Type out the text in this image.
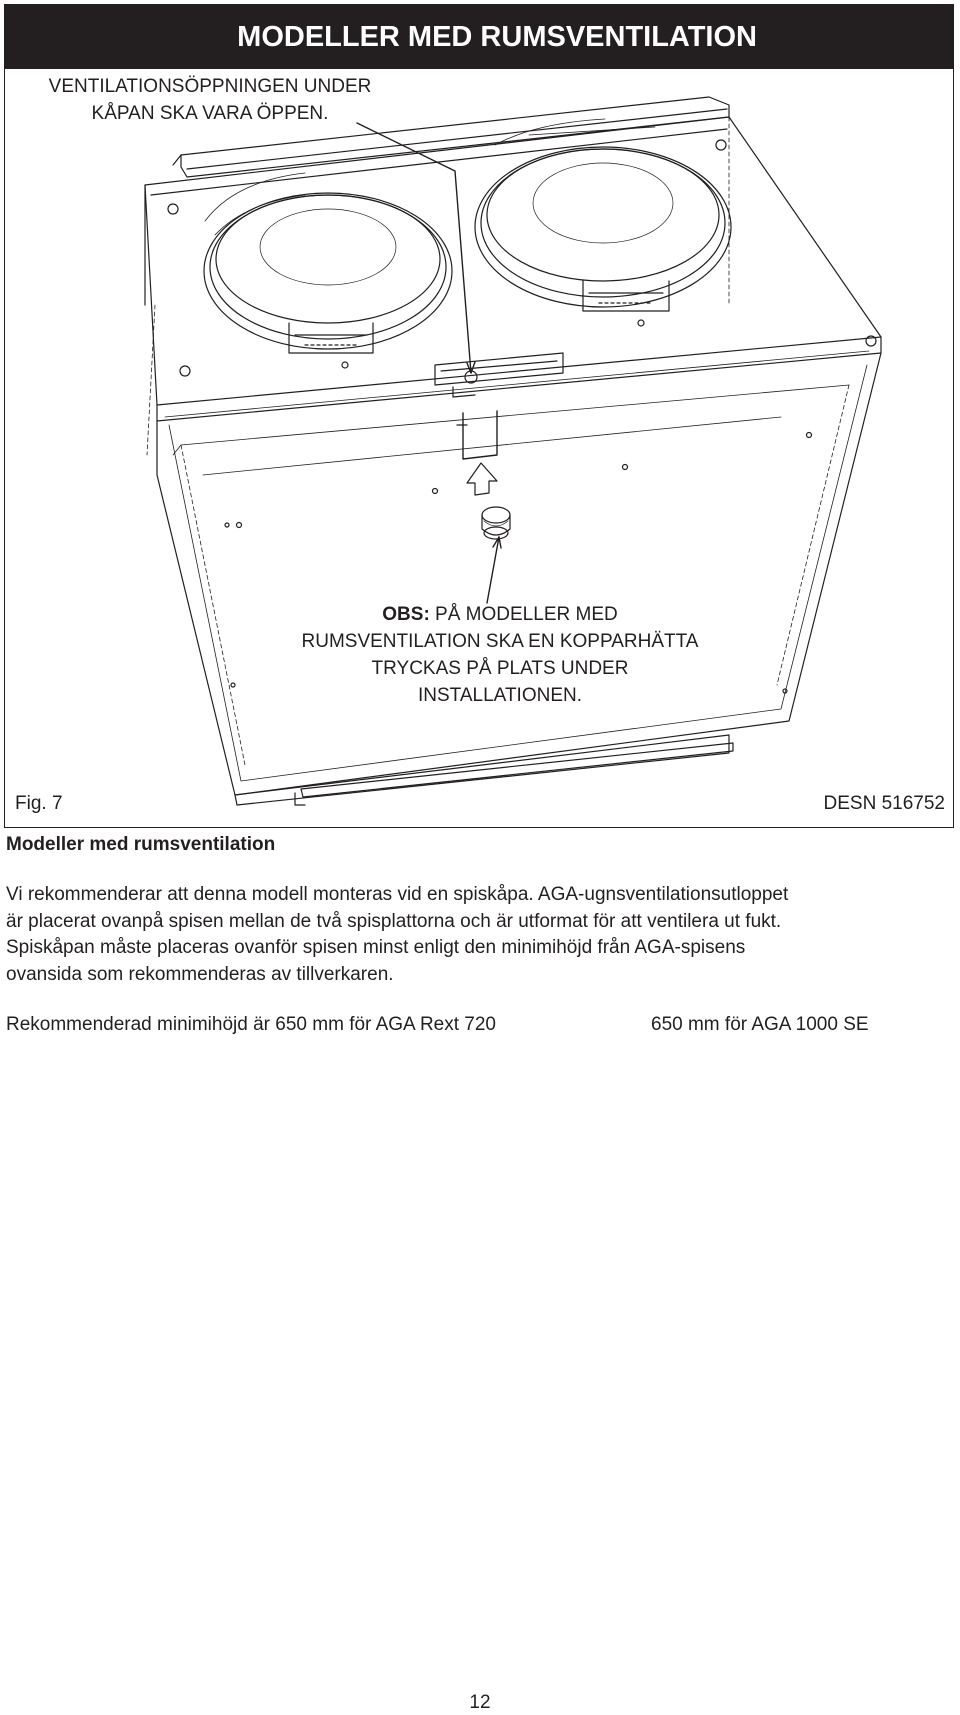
MODELLER MED RUMSVENTILATION
VENTILATIONSÖPPNINGEN UNDER
KÅPAN SKA VARA ÖPPEN.
OBS: PÅ MODELLER MED
RUMSVENTILATION SKA EN KOPPARHÄTTA
TRYCKAS PÅ PLATS UNDER
INSTALLATIONEN.
Fig. 7	DESN 516752
Modeller med rumsventilation
Vi rekommenderar att denna modell monteras vid en spiskåpa. AGA-ugnsventilationsutloppet
är placerat ovanpå spisen mellan de två spisplattorna och är utformat för att ventilera ut fukt.
Spiskåpan måste placeras ovanför spisen minst enligt den minimihöjd från AGA-spisens
ovansida som rekommenderas av tillverkaren.
Rekommenderad minimihöjd är 650 mm för AGA Rext 720	650 mm för AGA 1000 SE
12
